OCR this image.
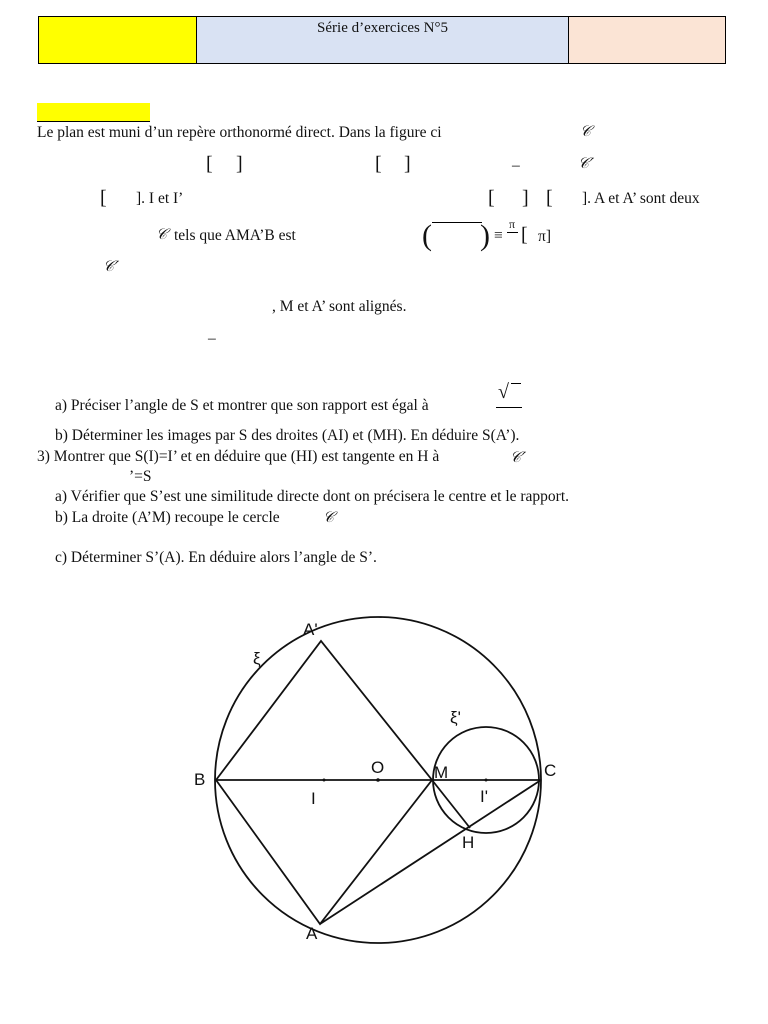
Série d’exercices N°5
Le plan est muni d’un repère orthonormé direct. Dans la figure ci	𝒞
[ ]	[ ]	–	𝒞´
[ ]. I et I’	[ ] [ ]. A et A’ sont deux
𝒞 tels que AMA’B est	( ) ≡
π [ π]
𝒞´
, M et A’ sont alignés.
–
a) Préciser l’angle de S et montrer que son rapport est égal à
√
b) Déterminer les images par S des droites (AI) et (MH). En déduire S(A’).
3) Montrer que S(I)=I’ et en déduire que (HI) est tangente en H à	𝒞´
’=S
a) Vérifier que S’est une similitude directe dont on précisera le centre et le rapport.
b) La droite (A’M) recoupe le cercle	𝒞
c) Déterminer S’(A). En déduire alors l’angle de S’.
A'
ξ
ξ'
B
O	M	C
I	I'
H
A
